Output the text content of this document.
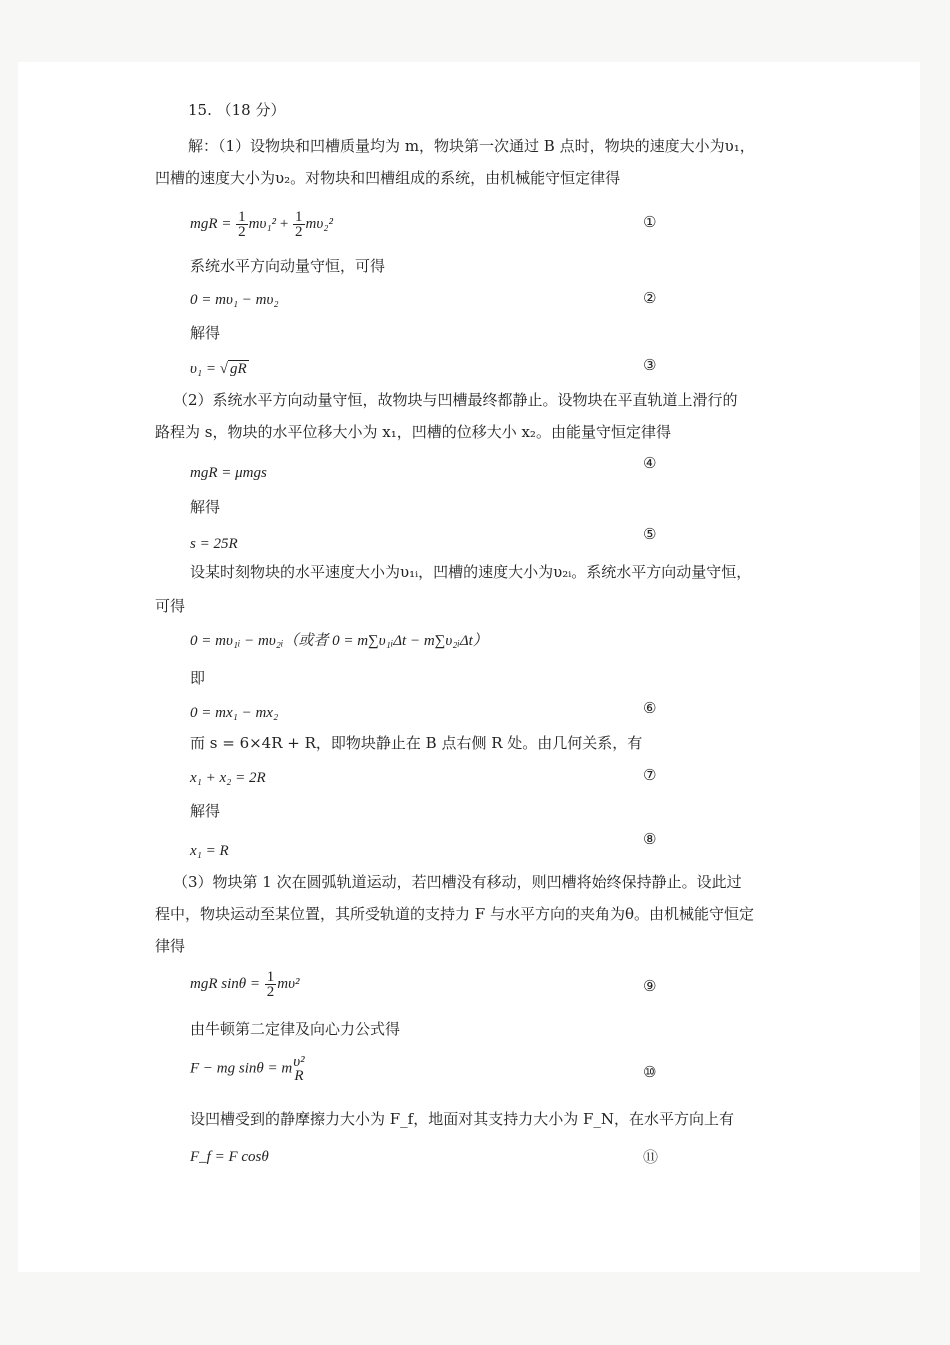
15. （18 分）
解：（1）设物块和凹槽质量均为 m，物块第一次通过 B 点时，物块的速度大小为υ₁，
凹槽的速度大小为υ₂。对物块和凹槽组成的系统，由机械能守恒定律得
mgR = $\frac{1}{2} m\upsilon_1^2 + \frac{1}{2} m\upsilon_2^2$	①
系统水平方向动量守恒，可得
0 = mυ₁ − mυ₂	②
解得
υ₁ = √ gR	③
（2）系统水平方向动量守恒，故物块与凹槽最终都静止。设物块在平直轨道上滑行的
路程为 s，物块的水平位移大小为 x₁，凹槽的位移大小 x₂。由能量守恒定律得
④
mgR = μmgs
解得
⑤
s = 25R
设某时刻物块的水平速度大小为υ₁ᵢ，凹槽的速度大小为υ₂ᵢ。系统水平方向动量守恒，
可得
0 = mυ₁ᵢ − mυ₂ᵢ（或者 0 = m∑υ₁ᵢΔt − m∑υ₂ᵢΔt）
即
⑥
0 = mx₁ − mx₂
而 s = 6×4R + R，即物块静止在 B 点右侧 R 处。由几何关系，有
x₁ + x₂ = 2R	⑦
解得
⑧
x₁ = R
（3）物块第 1 次在圆弧轨道运动，若凹槽没有移动，则凹槽将始终保持静止。设此过
程中，物块运动至某位置，其所受轨道的支持力 F 与水平方向的夹角为θ。由机械能守恒定
律得
mgR $\sin\theta = \frac{1}{2} m\upsilon^2$	⑨
由牛顿第二定律及向心力公式得
F − mg sinθ = m υ²
R	⑩
设凹槽受到的静摩擦力大小为 F_f，地面对其支持力大小为 F_N，在水平方向上有
F_f = F cosθ	⑪
